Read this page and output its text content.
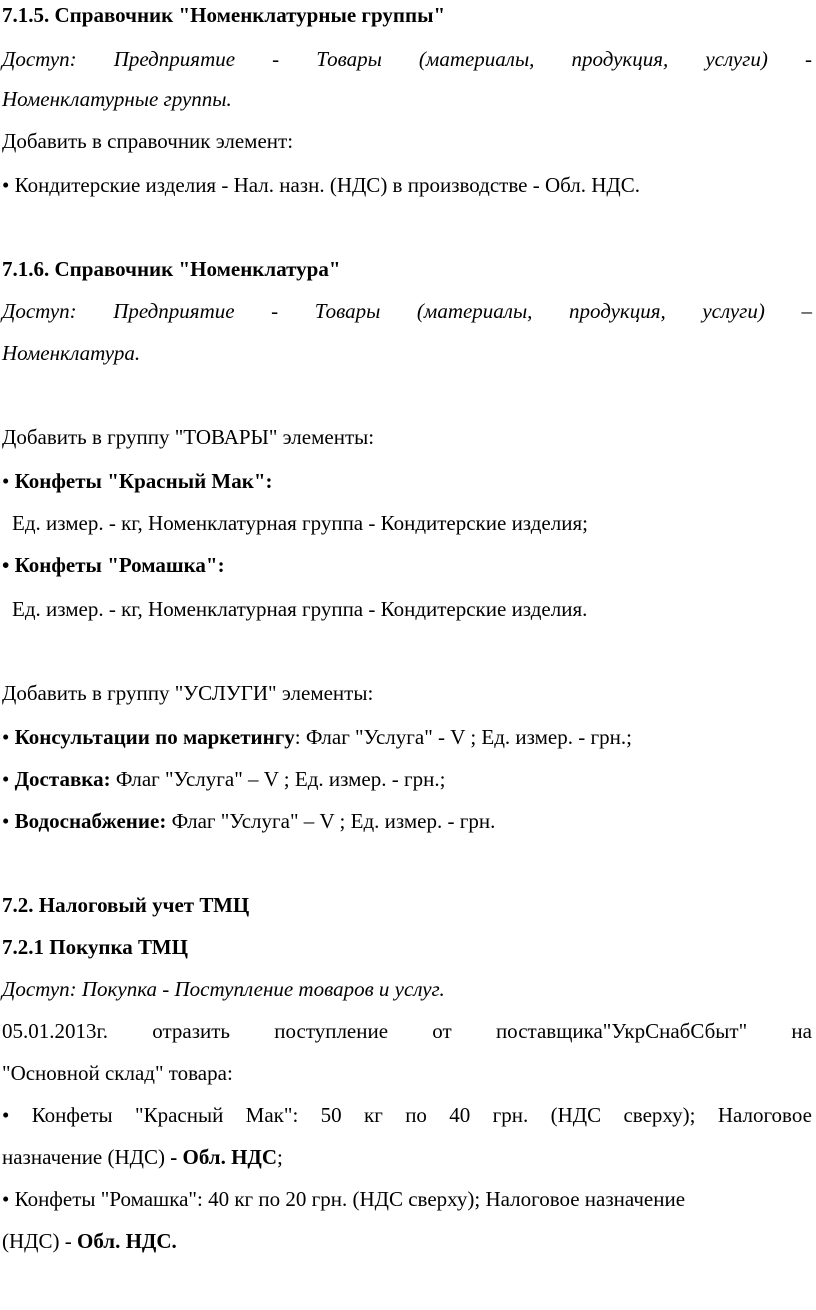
7.1.5. Справочник "Номенклатурные группы"
Доступ: Предприятие - Товары (материалы, продукция, услуги) -
Номенклатурные группы.
Добавить в справочник элемент:
• Кондитерские изделия - Нал. назн. (НДС) в производстве - Обл. НДС.
7.1.6. Справочник "Номенклатура"
Доступ: Предприятие - Товары (материалы, продукция, услуги) –
Номенклатура.
Добавить в группу "ТОВАРЫ" элементы:
• Конфеты "Красный Мак":
Ед. измер. - кг, Номенклатурная группа - Кондитерские изделия;
• Конфеты "Ромашка":
Ед. измер. - кг, Номенклатурная группа - Кондитерские изделия.
Добавить в группу "УСЛУГИ" элементы:
• Консультации по маркетингу: Флаг "Услуга" - V ; Ед. измер. - грн.;
• Доставка: Флаг "Услуга" – V ; Ед. измер. - грн.;
• Водоснабжение: Флаг "Услуга" – V ; Ед. измер. - грн.
7.2. Налоговый учет ТМЦ
7.2.1 Покупка ТМЦ
Доступ: Покупка - Поступление товаров и услуг.
05.01.2013г. отразить поступление от поставщика"УкрСнабСбыт" на
"Основной склад" товара:
• Конфеты "Красный Мак": 50 кг по 40 грн. (НДС сверху); Налоговое
назначение (НДС) - Обл. НДС;
• Конфеты "Ромашка": 40 кг по 20 грн. (НДС сверху); Налоговое назначение
(НДС) - Обл. НДС.
